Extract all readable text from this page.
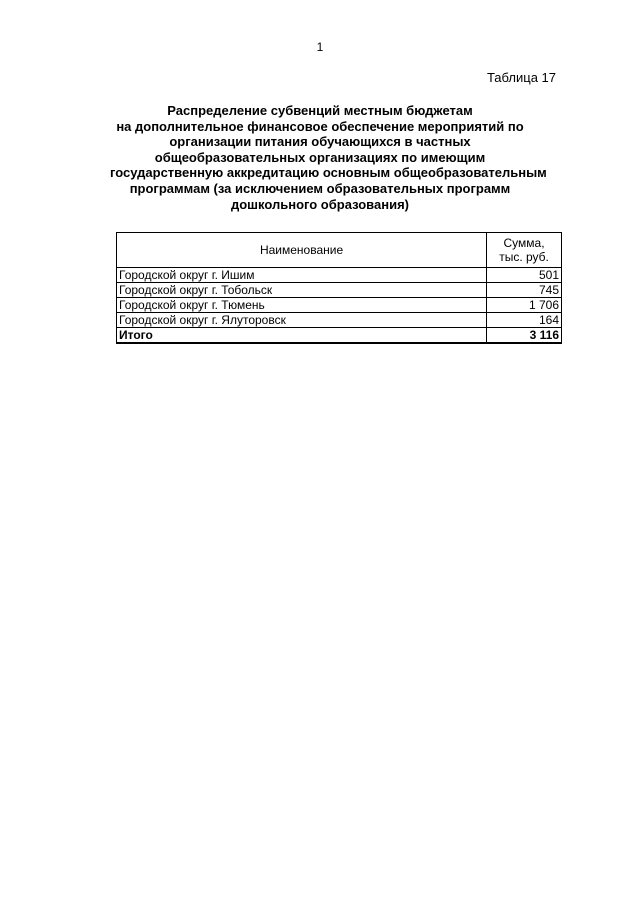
1
Таблица 17
Распределение субвенций местным бюджетам
на дополнительное финансовое обеспечение мероприятий по
организации питания обучающихся в частных
общеобразовательных организациях по имеющим
государственную аккредитацию основным общеобразовательным
программам (за исключением образовательных программ
дошкольного образования)
Наименование	Сумма,
тыс. руб.
Городской округ г. Ишим	501
Городской округ г. Тобольск	745
Городской округ г. Тюмень	1 706
Городской округ г. Ялуторовск	164
Итого	3 116
